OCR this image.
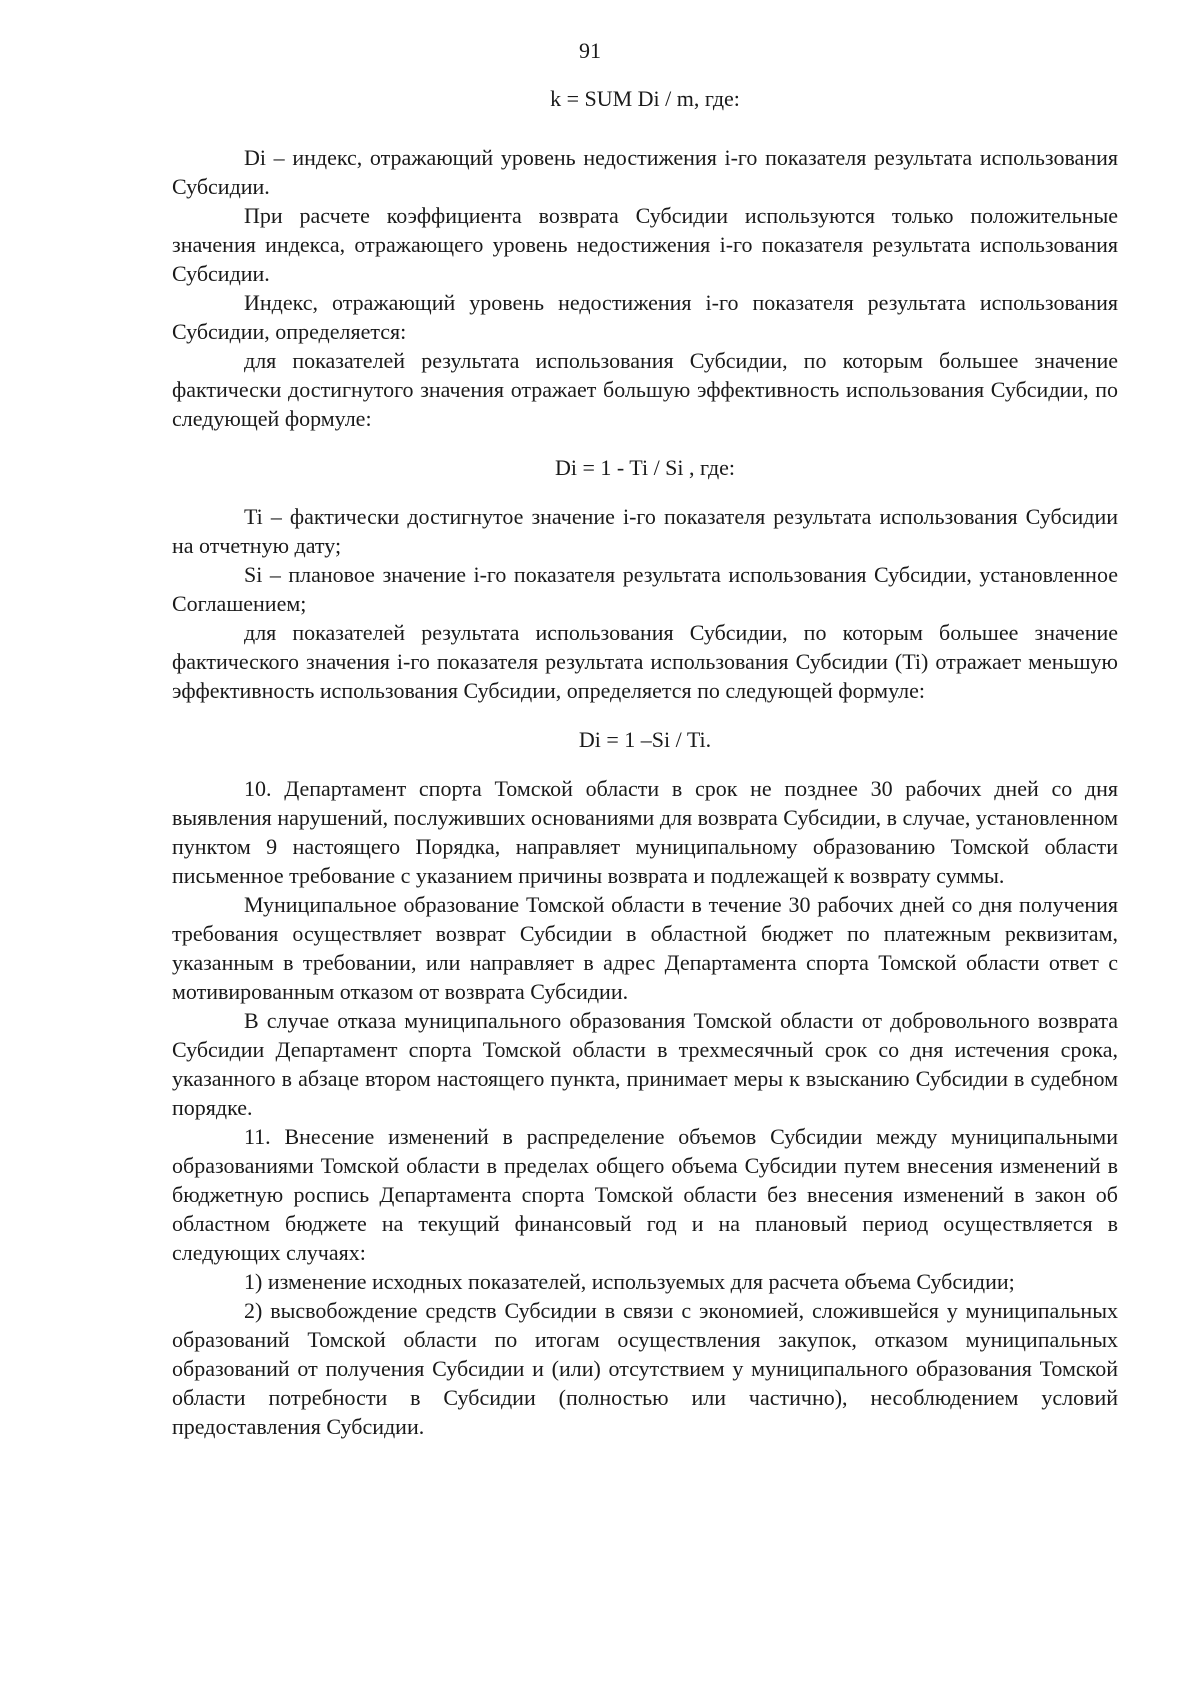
91

k = SUM Di / m, где:

Di – индекс, отражающий уровень недостижения i-го показателя результата использования Субсидии.

При расчете коэффициента возврата Субсидии используются только положительные значения индекса, отражающего уровень недостижения i-го показателя результата использования Субсидии.

Индекс, отражающий уровень недостижения i-го показателя результата использования Субсидии, определяется:

для показателей результата использования Субсидии, по которым большее значение фактически достигнутого значения отражает большую эффективность использования Субсидии, по следующей формуле:

Di = 1 - Ti / Si , где:

Ti – фактически достигнутое значение i-го показателя результата использования Субсидии на отчетную дату;

Si – плановое значение i-го показателя результата использования Субсидии, установленное Соглашением;

для показателей результата использования Субсидии, по которым большее значение фактического значения i-го показателя результата использования Субсидии (Ti) отражает меньшую эффективность использования Субсидии, определяется по следующей формуле:

Di = 1 –Si / Ti.

10. Департамент спорта Томской области в срок не позднее 30 рабочих дней со дня выявления нарушений, послуживших основаниями для возврата Субсидии, в случае, установленном пунктом 9 настоящего Порядка, направляет муниципальному образованию Томской области письменное требование с указанием причины возврата и подлежащей к возврату суммы.

Муниципальное образование Томской области в течение 30 рабочих дней со дня получения требования осуществляет возврат Субсидии в областной бюджет по платежным реквизитам, указанным в требовании, или направляет в адрес Департамента спорта Томской области ответ с мотивированным отказом от возврата Субсидии.

В случае отказа муниципального образования Томской области от добровольного возврата Субсидии Департамент спорта Томской области в трехмесячный срок со дня истечения срока, указанного в абзаце втором настоящего пункта, принимает меры к взысканию Субсидии в судебном порядке.

11. Внесение изменений в распределение объемов Субсидии между муниципальными образованиями Томской области в пределах общего объема Субсидии путем внесения изменений в бюджетную роспись Департамента спорта Томской области без внесения изменений в закон об областном бюджете на текущий финансовый год и на плановый период осуществляется в следующих случаях:

1) изменение исходных показателей, используемых для расчета объема Субсидии;

2) высвобождение средств Субсидии в связи с экономией, сложившейся у муниципальных образований Томской области по итогам осуществления закупок, отказом муниципальных образований от получения Субсидии и (или) отсутствием у муниципального образования Томской области потребности в Субсидии (полностью или частично), несоблюдением условий предоставления Субсидии.
